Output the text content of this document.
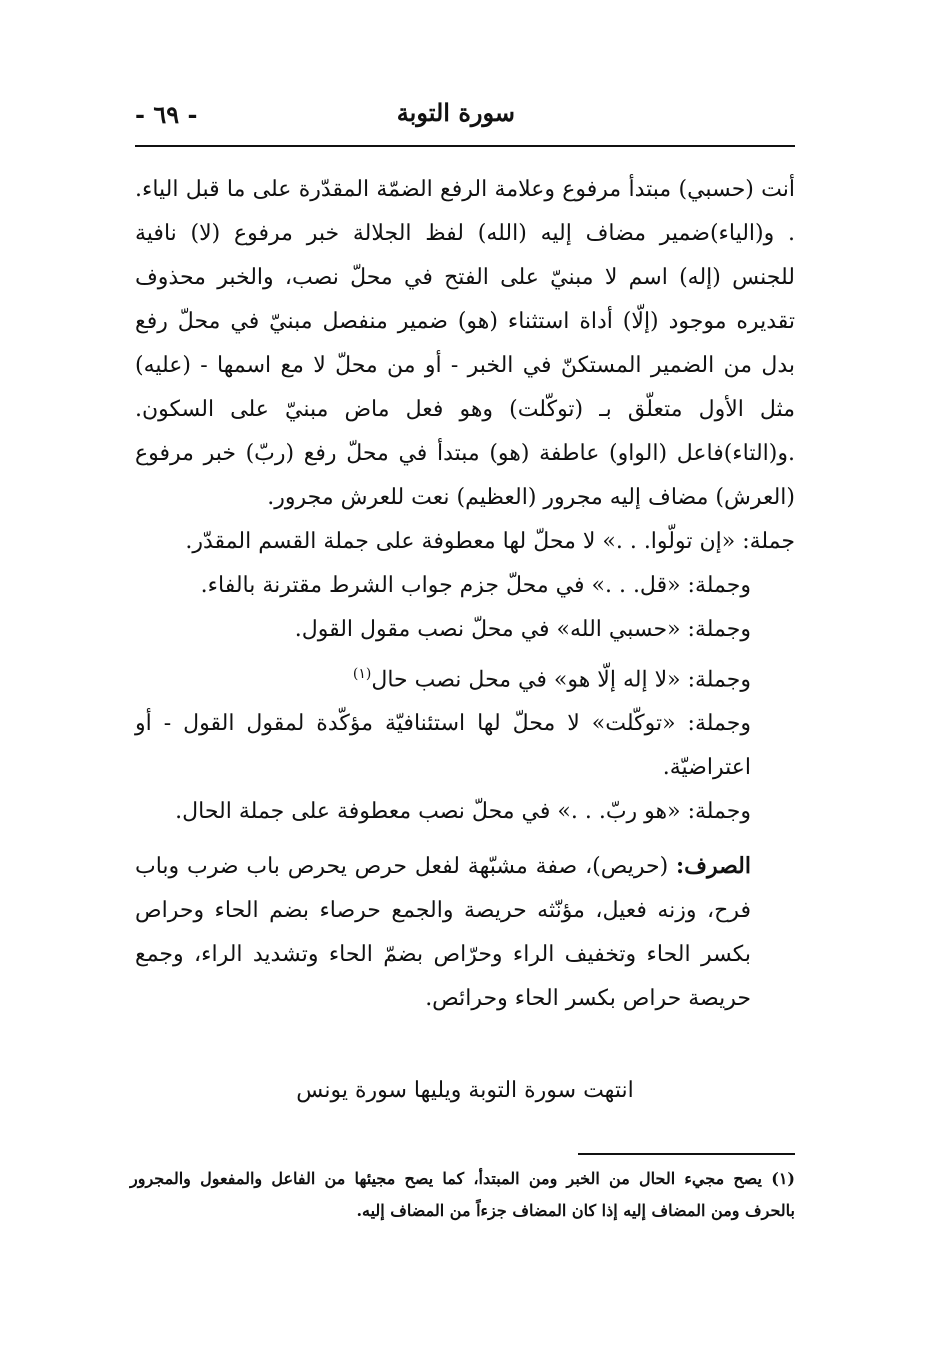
سورة التوبة
- ٦٩ -

أنت (حسبي) مبتدأ مرفوع وعلامة الرفع الضمّة المقدّرة على ما قبل الياء. . و(الياء)ضمير مضاف إليه (الله) لفظ الجلالة خبر مرفوع (لا) نافية للجنس (إله) اسم لا مبنيّ على الفتح في محلّ نصب، والخبر محذوف تقديره موجود (إلّا) أداة استثناء (هو) ضمير منفصل مبنيّ في محلّ رفع بدل من الضمير المستكنّ في الخبر - أو من محلّ لا مع اسمها - (عليه) مثل الأول متعلّق بـ (توكّلت) وهو فعل ماض مبنيّ على السكون. .و(التاء)فاعل (الواو) عاطفة (هو) مبتدأ في محلّ رفع (ربّ) خبر مرفوع (العرش) مضاف إليه مجرور (العظيم) نعت للعرش مجرور.

جملة: «إن تولّوا. . .» لا محلّ لها معطوفة على جملة القسم المقدّر.

وجملة: «قل. . .» في محلّ جزم جواب الشرط مقترنة بالفاء.

وجملة: «حسبي الله» في محلّ نصب مقول القول.

وجملة: «لا إله إلّا هو» في محل نصب حال$^{(١)}$

وجملة: «توكّلت» لا محلّ لها استئنافيّة مؤكّدة لمقول القول - أو اعتراضيّة.

وجملة: «هو ربّ. . .» في محلّ نصب معطوفة على جملة الحال.

الصرف: (حريص)، صفة مشبّهة لفعل حرص يحرص باب ضرب وباب فرح، وزنه فعيل، مؤنّثه حريصة والجمع حرصاء بضم الحاء وحراص بكسر الحاء وتخفيف الراء وحرّاص بضمّ الحاء وتشديد الراء، وجمع حريصة حراص بكسر الحاء وحرائص.

انتهت سورة التوبة ويليها سورة يونس

(١) يصح مجيء الحال من الخبر ومن المبتدأ، كما يصح مجيئها من الفاعل والمفعول والمجرور بالحرف ومن المضاف إليه إذا كان المضاف جزءاً من المضاف إليه.
